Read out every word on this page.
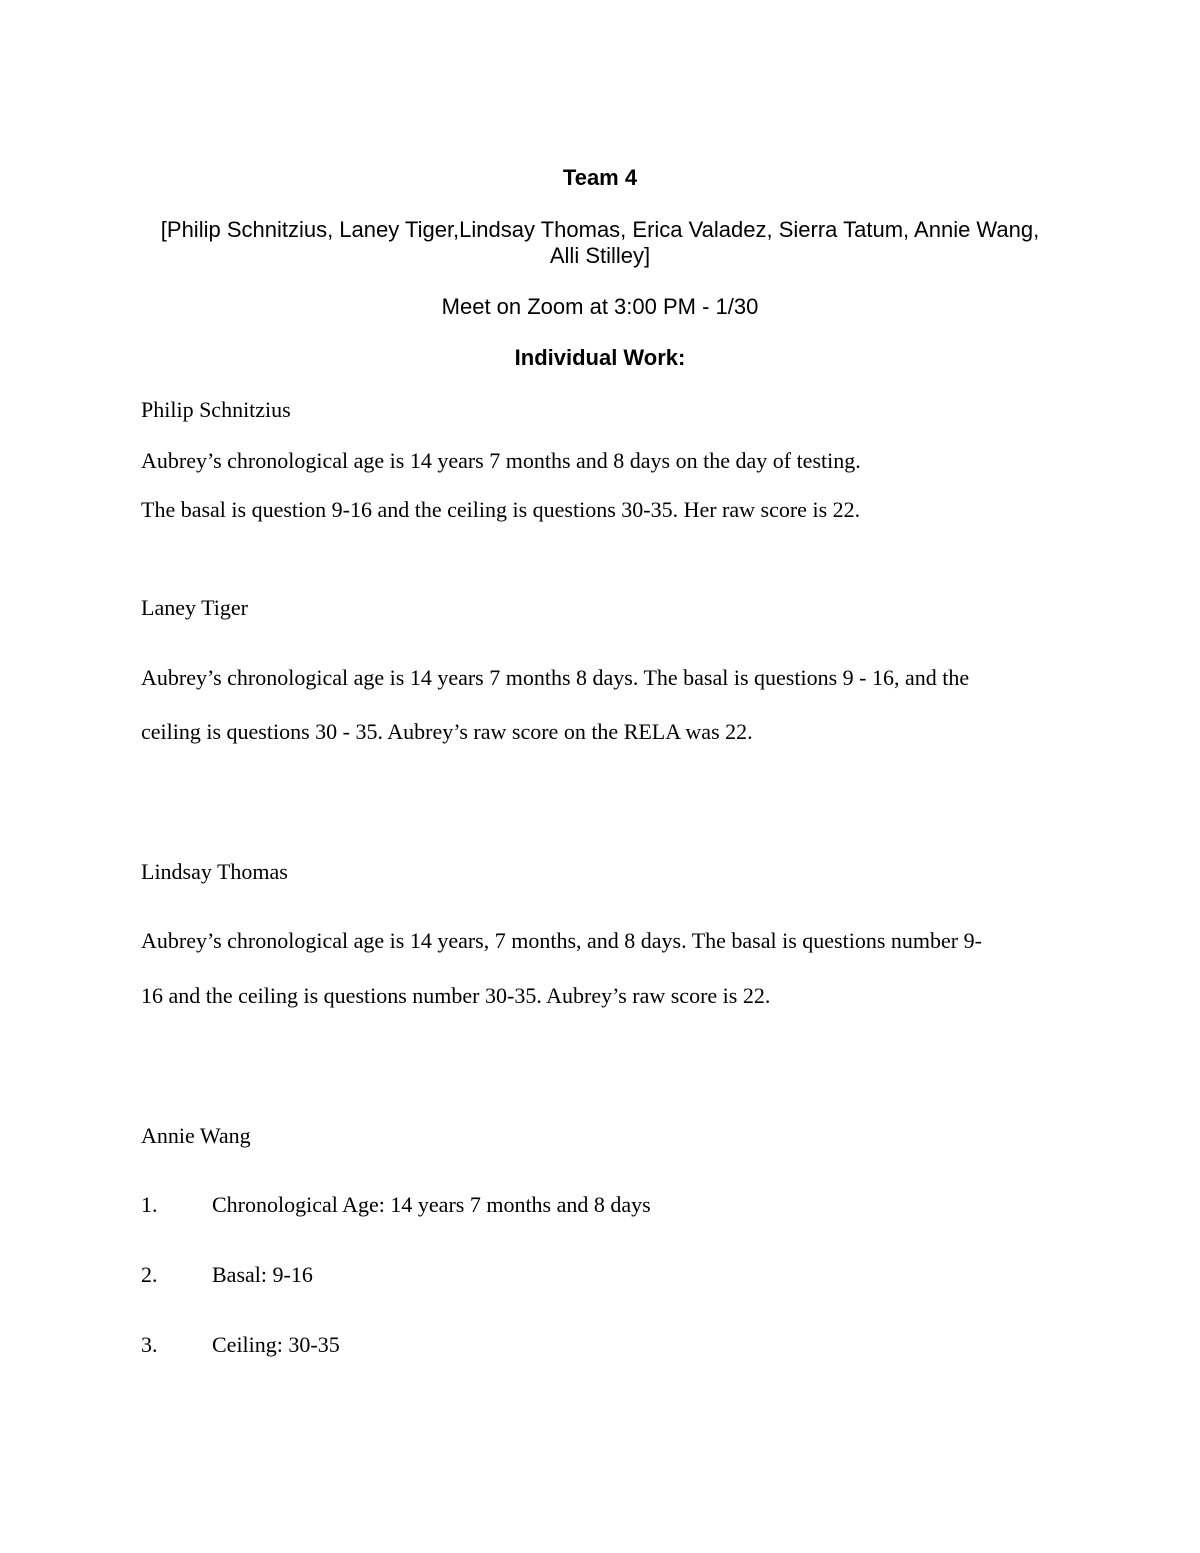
Team 4
[Philip Schnitzius, Laney Tiger,Lindsay Thomas, Erica Valadez, Sierra Tatum, Annie Wang, Alli Stilley]
Meet on Zoom at 3:00 PM - 1/30
Individual Work:
Philip Schnitzius
Aubrey’s chronological age is 14 years 7 months and 8 days on the day of testing.
The basal is question 9-16 and the ceiling is questions 30-35. Her raw score is 22.
Laney Tiger
Aubrey’s chronological age is 14 years 7 months 8 days. The basal is questions 9 - 16, and the
ceiling is questions 30 - 35. Aubrey’s raw score on the RELA was 22.
Lindsay Thomas
Aubrey’s chronological age is 14 years, 7 months, and 8 days. The basal is questions number 9-
16 and the ceiling is questions number 30-35. Aubrey’s raw score is 22.
Annie Wang
1. Chronological Age: 14 years 7 months and 8 days
2. Basal: 9-16
3. Ceiling: 30-35
